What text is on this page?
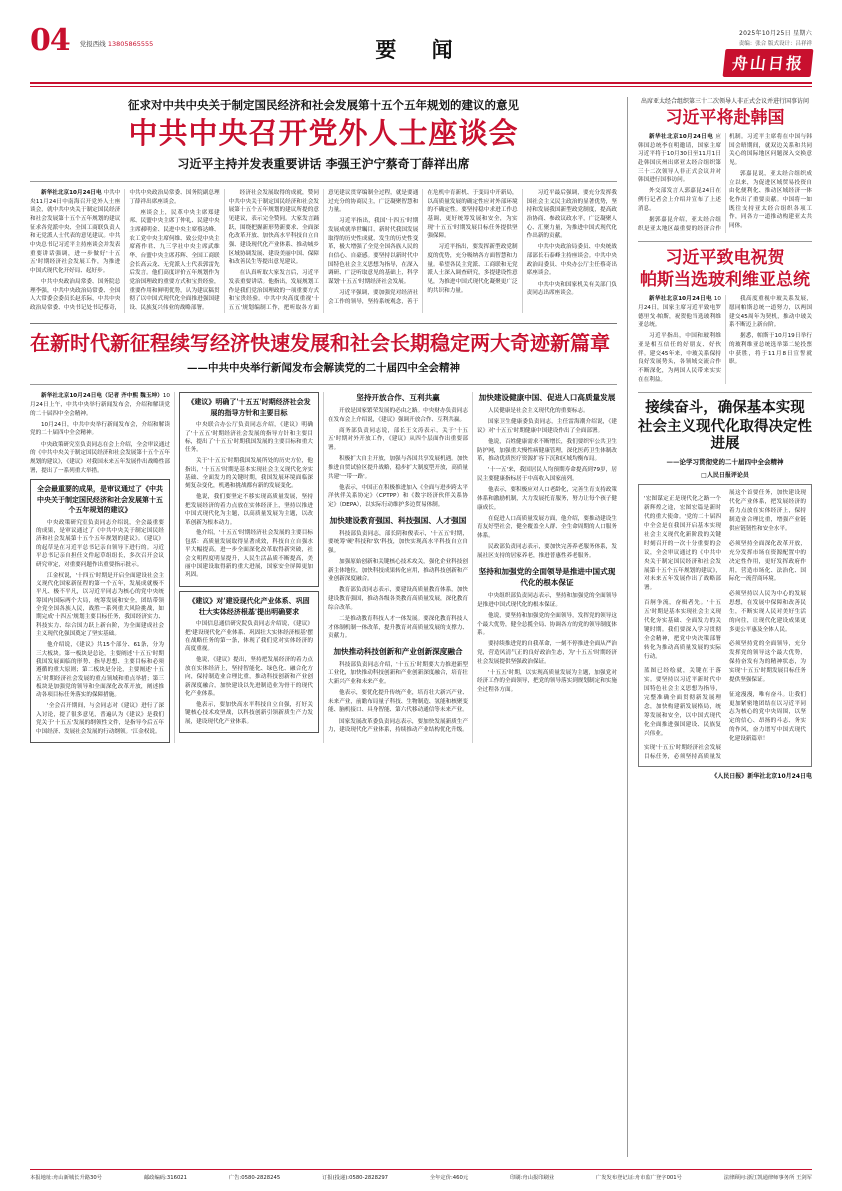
04 党报西线 13805865555	要 闻
2025年10月25日 星期六
责编：张合 版式设计：吕祥祥
舟山日报
征求对中共中央关于制定国民经济和社会发展第十五个五年规划的建议的意见
中共中央召开党外人士座谈会
习近平主持并发表重要讲话 李强王沪宁蔡奇丁薛祥出席

新华社北京10月24日电 中共中央11月24日中南海召开党外人士座谈会，就中共中央关于制定国民经济和社会发展第十五个五年规划的建议征求各党派中央、全国工商联负责人和无党派人士代表的意见建议。中共中央总书记习近平主持座谈会并发表重要讲话强调，进一步做好'十五五'时期经济社会发展工作，为推进中国式现代化开好局、起好步。

中共中央政治局常委、国务院总理李强，中共中央政治局常委、全国人大常委会委员长赵乐际，中共中央政治局常委、中央书记处书记蔡奇，中共中央政治局常委、国务院副总理丁薛祥出席座谈会。

座谈会上，民革中央主席郑建邦、民盟中央主席丁仲礼、民建中央主席郝明金、民进中央主席蔡达峰、农工党中央主席何维、致公党中央主席蒋作君、九三学社中央主席武维华、台盟中央主席苏辉、全国工商联会长高云龙、无党派人士代表郭雷先后发言。他们高度评价五年规划作为党治国理政的重要方式和宝贵经验，重要作用和鲜明优势，认为建议稿贯彻了以中国式现代化全面推进强国建设、民族复兴伟业的战略部署。

经济社会发展取得的成就，赞同中共中央关于制定国民经济和社会发展第十五个五年规划的建议所提的意见建议，表示完全赞同。大家发言踊跃，围绕把握新形势新要求、全面深化改革开放、加快高水平科技自立自强、建设现代化产业体系、推动城乡区域协调发展、建设美丽中国、保障和改善民生等提出意见建议。

在认真听取大家发言后，习近平发表重要讲话。他指出，发展规划工作是我们党治国理政的一项重要方式和宝贵经验。中共中央高度重视'十五五'规划编制工作，把听取各方面意见建议贯穿编制全过程，就是要通过充分的协商民主，广泛凝聚智慧和力量。

习近平指出，我国'十四五'时期发展成就举世瞩目，新时代我国发展取得的历史性成就、发生的历史性变革，极大增强了全党全国各族人民的自信心、自豪感。要坚持以新时代中国特色社会主义思想为指导，在深入调研、广泛听取意见的基础上，科学谋划'十五五'时期经济社会发展。

习近平强调，要加强党对经济社会工作的领导，坚持系统观念，善于在危机中育新机、于变局中开新局，以高质量发展的确定性应对外部环境的不确定性。要坚持稳中求进工作总基调，更好统筹发展和安全，为实现'十五五'时期发展目标任务提供坚强保障。

习近平指出，要发挥新型政党制度的优势，充分吸纳各方面智慧和力量。希望各民主党派、工商联和无党派人士深入调查研究，多提建设性意见，为推进中国式现代化凝聚更广泛的共识和力量。

习近平最后强调，要充分发挥我国社会主义民主政治的显著优势，坚持和发展我国新型政党制度，提高政治协商、参政议政水平，广泛凝聚人心、汇聚力量，为推进中国式现代化作出新的贡献。

中共中央政治局委员、中央统战部部长石泰峰主持座谈会。中共中央政治局委员、中央办公厅主任蔡奇出席座谈会。

中共中央和国家机关有关部门负责同志出席座谈会。

在新时代新征程续写经济快速发展和社会长期稳定两大奇迹新篇章
——中共中央举行新闻发布会解读党的二十届四中全会精神

新华社北京10月24日电（记者 齐中熙 魏玉坤）10月24日上午，中共中央举行新闻发布会，介绍和解读党的二十届四中全会精神。

10月24日，中共中央举行新闻发布会，介绍和解读党的二十届四中全会精神。

中央政策研究室负责同志在会上介绍，全会审议通过的《中共中央关于制定国民经济和社会发展第十五个五年规划的建议》，《建议》对我国未来五年发展作出战略性部署，提出了一系列重大举措。

全会最重要的成果，是审议通过了《中共中央关于制定国民经济和社会发展第十五个五年规划的建议》

中央政策研究室负责同志介绍说，全会最重要的成果，是审议通过了《中共中央关于制定国民经济和社会发展第十五个五年规划的建议》。《建议》的起草是在习近平总书记亲自领导下进行的。习近平总书记亲自担任文件起草组组长，多次召开会议研究审定，对重要问题作出重要指示批示。

江金权说，'十四五'时期是开启全面建设社会主义现代化国家新征程的第一个五年，发展成就极不平凡、极不平凡，以习近平同志为核心的党中央统筹国内国际两个大局，统筹发展和安全，团结带领全党全国各族人民，战胜一系列重大风险挑战，如期完成'十四五'规划主要目标任务，我国经济实力、科技实力、综合国力跃上新台阶，为全面建成社会主义现代化强国奠定了坚实基础。

他介绍说，《建议》共15个部分、61条，分为三大板块。第一板块是总论，主要阐述'十五五'时期我国发展面临的形势、指导思想、主要目标和必须遵循的重大原则；第二板块是分论，主要阐述'十五五'时期经济社会发展的重点领域和重点举措；第三板块是加强党的领导和全面深化改革开放，阐述推动各项目标任务落实的保障措施。

'全会召开期间，与会同志对《建议》进行了深入讨论，提了很多意见，普遍认为《建议》是我们党关于'十五五'发展的纲领性文件，是指导今后五年中国经济、发展社会发展的行动纲领。'江金权说。

《建议》明确了'十五五'时期经济社会发展的指导方针和主要目标

中央联合办公厅负责同志介绍，《建议》明确了'十五五'时期经济社会发展的指导方针和主要目标，提出了'十五五'时期我国发展的主要目标和重大任务。

关于'十五五'时期我国发展所处的历史方位，他指出，'十五五'时期是基本实现社会主义现代化夯实基础、全面发力的关键时期，我国发展环境面临深刻复杂变化，机遇和挑战都有新的发展变化。

他说，我们要坚定不移实现高质量发展，坚持把发展经济的着力点放在实体经济上，坚持以推进中国式现代化为主题，以高质量发展为主题，以改革创新为根本动力。

他介绍，'十五五'时期经济社会发展的主要目标包括：高质量发展取得显著成效，科技自立自强水平大幅提高，进一步全面深化改革取得新突破，社会文明程度明显提升，人民生活品质不断提高，美丽中国建设取得新的重大进展，国家安全屏障更加巩固。

《建议》对'建设现代化产业体系、巩固壮大实体经济根基'提出明确要求

中国信息通信研究院负责同志介绍说，《建议》把'建设现代化产业体系、巩固壮大实体经济根基'摆在战略任务的第一条，体现了我们党对实体经济的高度重视。

他说，《建议》提出，坚持把发展经济的着力点放在实体经济上，坚持智能化、绿色化、融合化方向，保持制造业合理比重，推动科技创新和产业创新深度融合，加快建设以先进制造业为骨干的现代化产业体系。

他表示，要加快高水平科技自立自强，打好关键核心技术攻坚战，以科技创新引领新质生产力发展，建设现代化产业体系。

坚持开放合作、互利共赢

开放是国家繁荣发展的必由之路。中央财办负责同志在发布会上介绍说，《建议》强调开放合作、互利共赢。

商务部负责同志说，部长王文涛表示，关于'十五五'时期对外开放工作，《建议》从四个层面作出重要部署。

积极扩大自主开放，加强与各国共享发展机遇。加快推进自贸试验区提升战略，稳步扩大制度型开放，高质量共建'一带一路'。

他表示，中国正在积极推进加入《全面与进步跨太平洋伙伴关系协定》（CPTPP）和《数字经济伙伴关系协定》（DEPA），以实际行动维护多边贸易体制。

加快建设教育强国、科技强国、人才强国

科技部负责同志，部长阴和俊表示，'十五五'时期，要统筹'硬'科技和'软'科技，加快实现高水平科技自立自强。

加强原始创新和关键核心技术攻关，强化企业科技创新主体地位，加快科技成果转化应用，推动科技创新和产业创新深度融合。

教育部负责同志表示，要建设高质量教育体系，加快建设教育强国，推动各级各类教育高质量发展，深化教育综合改革。

二是推动教育科技人才一体发展。要深化教育科技人才体制机制一体改革，提升教育对高质量发展的支撑力、贡献力。

加快推动科技创新和产业创新深度融合

科技部负责同志介绍，'十五五'时期要大力推进新型工业化，加快推动科技创新和产业创新深度融合，培育壮大新兴产业和未来产业。

他表示，要优化提升传统产业，培育壮大新兴产业、未来产业，前瞻布局量子科技、生物制造、氢能和核聚变能、脑机接口、具身智能、第六代移动通信等未来产业。

国家发展改革委负责同志表示，要加快发展新质生产力，建设现代化产业体系，持续推动产业结构优化升级。

加快建设健康中国、促进人口高质量发展

人民健康是社会主义现代化的重要标志。

国家卫生健康委负责同志，主任雷海潮介绍说，《建议》对'十五五'时期健康中国建设作出了全面部署。

他说，百姓健康需求不断增长，我们要织牢公共卫生防护网，加强重大慢性病健康管理，深化医药卫生体制改革，推动优质医疗资源扩容下沉和区域均衡布局。

'十一五'来，我国居民人均预期寿命提高到79岁，居民主要健康指标居于中高收入国家前列。

他表示，要积极应对人口老龄化，完善生育支持政策体系和激励机制，大力发展托育服务，努力让每个孩子健康成长。

在促进人口高质量发展方面，他介绍，要推动建设生育友好型社会，健全覆盖全人群、全生命周期的人口服务体系。

民政部负责同志表示，要加快完善养老服务体系，发展社区支持的居家养老，推进普惠性养老服务。

坚持和加强党的全面领导是推进中国式现代化的根本保证

中央组织部负责同志表示，坚持和加强党的全面领导是推进中国式现代化的根本保证。

他说，要坚持和加强党的全面领导，发挥党的领导这个最大优势，健全总揽全局、协调各方的党的领导制度体系。

要持续推进党的自我革命，一刻不停推进全面从严治党，营造风清气正的良好政治生态，为'十五五'时期经济社会发展提供坚强政治保证。

'十五五'时期，以实现高质量发展为主题，加强党对经济工作的全面领导，把党的领导落实到规划制定和实施全过程各方面。

出席亚太经合组织第三十二次领导人非正式会议并进行国事访问
习近平将赴韩国

新华社北京10月24日电 应韩国总统李在明邀请，国家主席习近平将于10月30日至11月1日赴韩国庆州出席亚太经合组织第三十二次领导人非正式会议并对韩国进行国事访问。

外交部发言人郭嘉昆24日在例行记者会上介绍并宣布了上述消息。

据郭嘉昆介绍，亚太经合组织是亚太地区最重要的经济合作机制。习近平主席将在中国与韩国会晤期间，就双边关系和共同关心的国际地区问题深入交换意见。

郭嘉昆说，亚太经合组织成立以来，为促进区域贸易投资自由化便利化、推动区域经济一体化作出了重要贡献。中国将一如既往支持亚太经合组织各项工作，同各方一道推动构建亚太共同体。

习近平致电祝贺
帕斯当选玻利维亚总统

新华社北京10月24日电 10月24日，国家主席习近平致电罗德里戈·帕斯，祝贺他当选玻利维亚总统。

习近平指出，中国和玻利维亚是相互信任的好朋友、好伙伴。建交45年来，中玻关系保持良好发展势头，各领域交流合作不断深化，为两国人民带来实实在在利益。

我高度重视中玻关系发展，愿同帕斯总统一道努力，以两国建交45周年为契机，推动中玻关系不断迈上新台阶。

据悉，帕斯于10月19日举行的玻利维亚总统选举第二轮投票中获胜，将于11月8日宣誓就职。

接续奋斗，确保基本实现
社会主义现代化取得决定性进展
——论学习贯彻党的二十届四中全会精神
□人民日报评论员

'宏图谋定正是现代化之路一个新辉煌之途，宏图宏篇是新时代的重大使命。'党的二十届四中全会是在我国开启基本实现社会主义现代化新阶段的关键时刻召开的一次十分重要的会议，全会审议通过的《中共中央关于制定国民经济和社会发展第十五个五年规划的建议》，对未来五年发展作出了战略部署。

百舸争流，奋楫者先。'十五五'时期是基本实现社会主义现代化夯实基础、全面发力的关键时期。我们要深入学习贯彻全会精神，把党中央决策部署转化为推动高质量发展的实际行动。

蓝图已经绘就，关键在于落实。要坚持以习近平新时代中国特色社会主义思想为指导，完整准确全面贯彻新发展理念，加快构建新发展格局，统筹发展和安全，以中国式现代化全面推进强国建设、民族复兴伟业。

实现'十五五'时期经济社会发展目标任务，必须坚持高质量发展这个首要任务，加快建设现代化产业体系，把发展经济的着力点放在实体经济上，保持制造业合理比重，增强产业链供应链韧性和安全水平。

必须坚持全面深化改革开放，充分发挥市场在资源配置中的决定性作用，更好发挥政府作用，营造市场化、法治化、国际化一流营商环境。

必须坚持以人民为中心的发展思想，在发展中保障和改善民生，不断实现人民对美好生活的向往，让现代化建设成果更多更公平惠及全体人民。

必须坚持党的全面领导，充分发挥党的领导这个最大优势，保持奋发有为的精神状态，为实现'十五五'时期发展目标任务提供坚强保证。

征途漫漫，唯有奋斗。让我们更加紧密地团结在以习近平同志为核心的党中央周围，以坚定的信心、昂扬的斗志、务实的作风，奋力谱写中国式现代化建设新篇章！

《人民日报》新华社北京10月24日电
本报地址:舟山新城长升路30号	邮政编码:316021	广告:0580-2828245	订报(投递):0580-2828297	全年定价:460元	印刷:舟山报印刷业	广发发布登记证:舟市监广登字001号	法律顾问:浙江凯通律师事务所 王剑军
